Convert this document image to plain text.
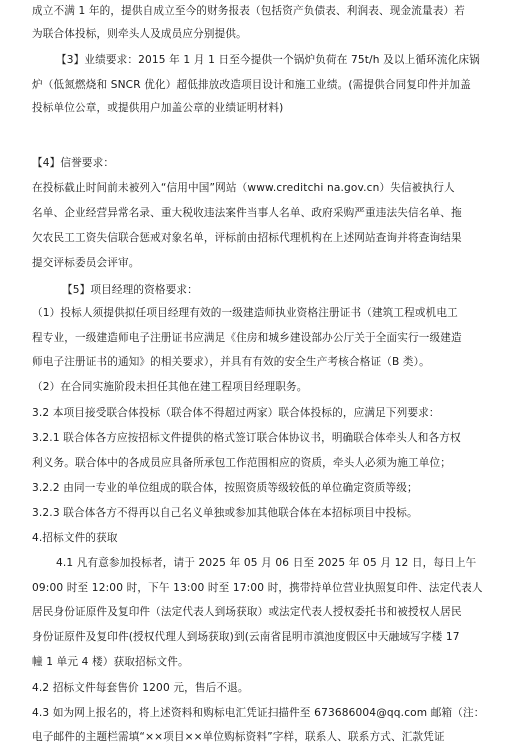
成立不满 1 年的，提供自成立至今的财务报表（包括资产负债表、利润表、现金流量表）若
为联合体投标，则牵头人及成员应分别提供。
【3】业绩要求：2015 年 1 月 1 日至今提供一个锅炉负荷在 75t/h 及以上循环流化床锅
炉（低氮燃烧和 SNCR 优化）超低排放改造项目设计和施工业绩。(需提供合同复印件并加盖
投标单位公章，或提供用户加盖公章的业绩证明材料)
【4】信誉要求：
在投标截止时间前未被列入“信用中国”网站（www.creditchi na.gov.cn）失信被执行人
名单、企业经营异常名录、重大税收违法案件当事人名单、政府采购严重违法失信名单、拖
欠农民工工资失信联合惩戒对象名单，评标前由招标代理机构在上述网站查询并将查询结果
提交评标委员会评审。
【5】项目经理的资格要求：
（1）投标人须提供拟任项目经理有效的一级建造师执业资格注册证书（建筑工程或机电工
程专业，一级建造师电子注册证书应满足《住房和城乡建设部办公厅关于全面实行一级建造
师电子注册证书的通知》的相关要求），并具有有效的安全生产考核合格证（B 类）。
（2）在合同实施阶段未担任其他在建工程项目经理职务。
3.2 本项目接受联合体投标（联合体不得超过两家）联合体投标的，应满足下列要求：
3.2.1 联合体各方应按招标文件提供的格式签订联合体协议书，明确联合体牵头人和各方权
利义务。联合体中的各成员应具备所承包工作范围相应的资质，牵头人必须为施工单位；
3.2.2 由同一专业的单位组成的联合体，按照资质等级较低的单位确定资质等级；
3.2.3 联合体各方不得再以自己名义单独或参加其他联合体在本招标项目中投标。
4.招标文件的获取
4.1 凡有意参加投标者，请于 2025 年 05 月 06 日至 2025 年 05 月 12 日，每日上午
09:00 时至 12:00 时，下午 13:00 时至 17:00 时，携带持单位营业执照复印件、法定代表人
居民身份证原件及复印件（法定代表人到场获取）或法定代表人授权委托书和被授权人居民
身份证原件及复印件(授权代理人到场获取)到(云南省昆明市滇池度假区中天融域写字楼 17
幢 1 单元 4 楼）获取招标文件。
4.2 招标文件每套售价 1200 元，售后不退。
4.3 如为网上报名的，将上述资料和购标电汇凭证扫描件至 673686004@qq.com 邮箱（注：
电子邮件的主题栏需填“××项目××单位购标资料”字样，联系人、联系方式、汇款凭证
